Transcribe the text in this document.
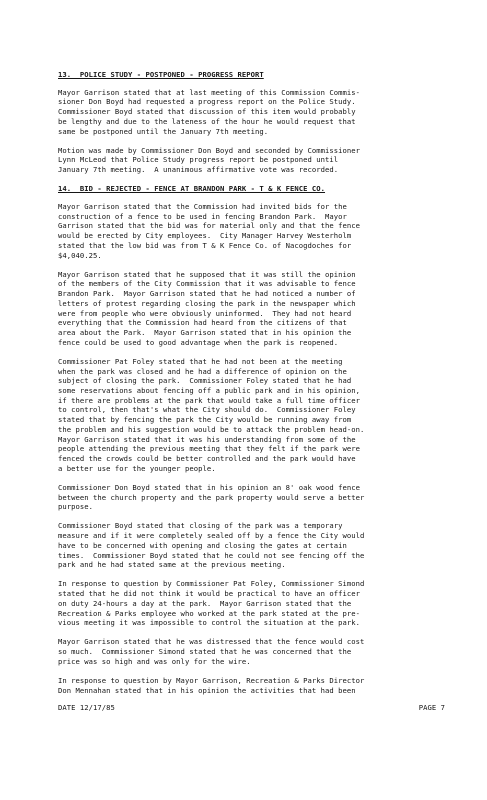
13.  POLICE STUDY - POSTPONED - PROGRESS REPORT
Mayor Garrison stated that at last meeting of this Commission Commis-
sioner Don Boyd had requested a progress report on the Police Study.
Commissioner Boyd stated that discussion of this item would probably
be lengthy and due to the lateness of the hour he would request that
same be postponed until the January 7th meeting.
Motion was made by Commissioner Don Boyd and seconded by Commissioner
Lynn McLeod that Police Study progress report be postponed until
January 7th meeting.  A unanimous affirmative vote was recorded.
14.  BID - REJECTED - FENCE AT BRANDON PARK - T & K FENCE CO.
Mayor Garrison stated that the Commission had invited bids for the
construction of a fence to be used in fencing Brandon Park.  Mayor
Garrison stated that the bid was for material only and that the fence
would be erected by City employees.  City Manager Harvey Westerholm
stated that the low bid was from T & K Fence Co. of Nacogdoches for
$4,040.25.
Mayor Garrison stated that he supposed that it was still the opinion
of the members of the City Commission that it was advisable to fence
Brandon Park.  Mayor Garrison stated that he had noticed a number of
letters of protest regarding closing the park in the newspaper which
were from people who were obviously uninformed.  They had not heard
everything that the Commission had heard from the citizens of that
area about the Park.  Mayor Garrison stated that in his opinion the
fence could be used to good advantage when the park is reopened.
Commissioner Pat Foley stated that he had not been at the meeting
when the park was closed and he had a difference of opinion on the
subject of closing the park.  Commissioner Foley stated that he had
some reservations about fencing off a public park and in his opinion,
if there are problems at the park that would take a full time officer
to control, then that's what the City should do.  Commissioner Foley
stated that by fencing the park the City would be running away from
the problem and his suggestion would be to attack the problem head-on.
Mayor Garrison stated that it was his understanding from some of the
people attending the previous meeting that they felt if the park were
fenced the crowds could be better controlled and the park would have
a better use for the younger people.
Commissioner Don Boyd stated that in his opinion an 8' oak wood fence
between the church property and the park property would serve a better
purpose.
Commissioner Boyd stated that closing of the park was a temporary
measure and if it were completely sealed off by a fence the City would
have to be concerned with opening and closing the gates at certain
times.  Commissioner Boyd stated that he could not see fencing off the
park and he had stated same at the previous meeting.
In response to question by Commissioner Pat Foley, Commissioner Simond
stated that he did not think it would be practical to have an officer
on duty 24-hours a day at the park.  Mayor Garrison stated that the
Recreation & Parks employee who worked at the park stated at the pre-
vious meeting it was impossible to control the situation at the park.
Mayor Garrison stated that he was distressed that the fence would cost
so much.  Commissioner Simond stated that he was concerned that the
price was so high and was only for the wire.
In response to question by Mayor Garrison, Recreation & Parks Director
Don Mennahan stated that in his opinion the activities that had been
DATE 12/17/85	PAGE 7
